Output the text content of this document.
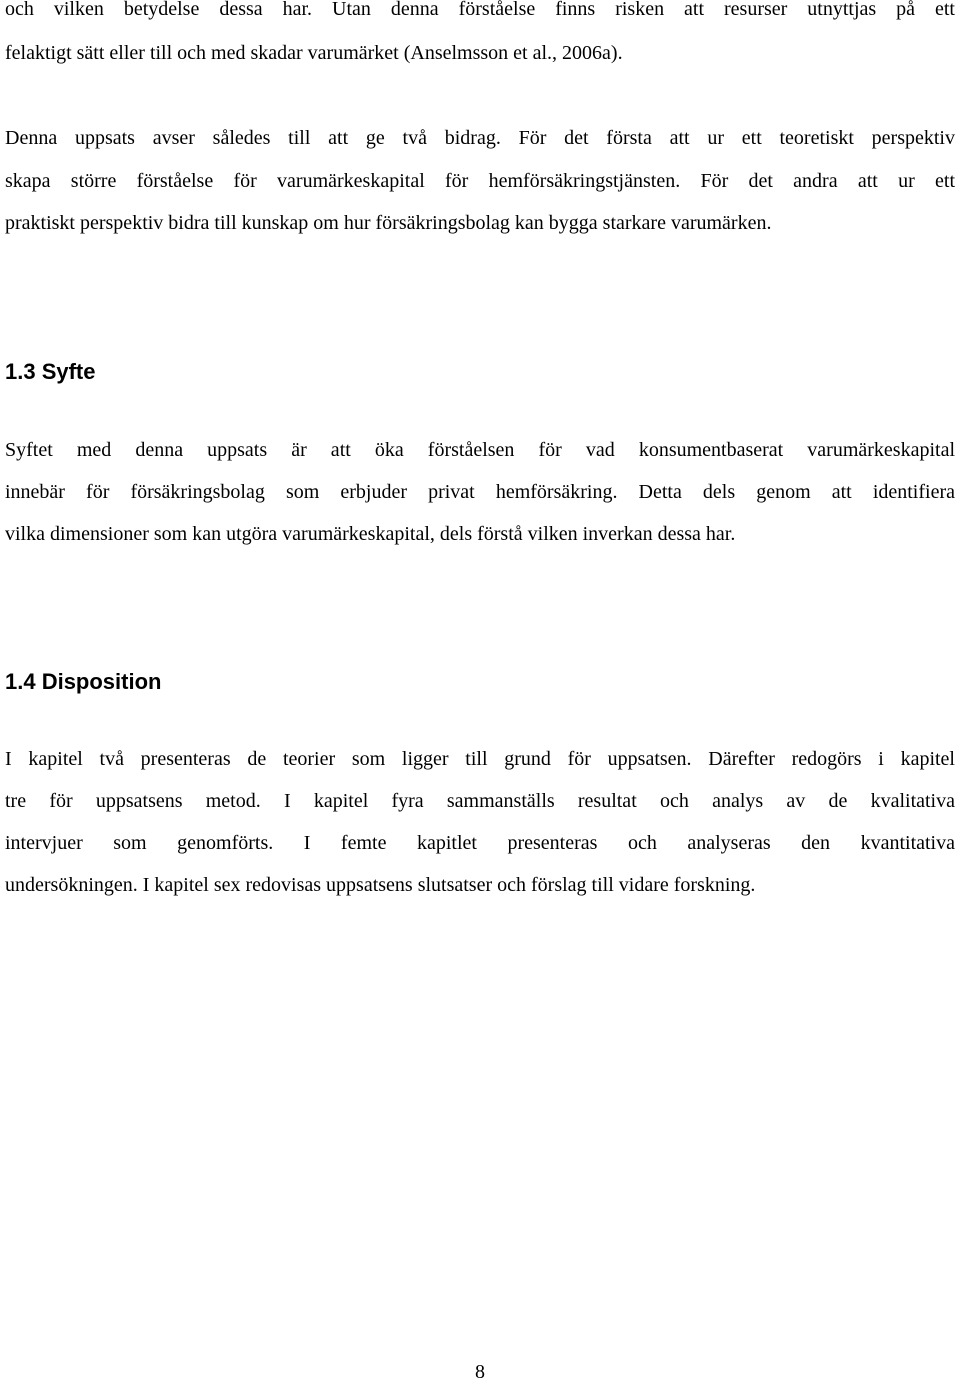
och vilken betydelse dessa har. Utan denna förståelse finns risken att resurser utnyttjas på ett
felaktigt sätt eller till och med skadar varumärket (Anselmsson et al., 2006a).
Denna uppsats avser således till att ge två bidrag. För det första att ur ett teoretiskt perspektiv
skapa större förståelse för varumärkeskapital för hemförsäkringstjänsten. För det andra att ur ett
praktiskt perspektiv bidra till kunskap om hur försäkringsbolag kan bygga starkare varumärken.
1.3 Syfte
Syftet med denna uppsats är att öka förståelsen för vad konsumentbaserat varumärkeskapital
innebär för försäkringsbolag som erbjuder privat hemförsäkring. Detta dels genom att identifiera
vilka dimensioner som kan utgöra varumärkeskapital, dels förstå vilken inverkan dessa har.
1.4 Disposition
I kapitel två presenteras de teorier som ligger till grund för uppsatsen. Därefter redogörs i kapitel
tre för uppsatsens metod. I kapitel fyra sammanställs resultat och analys av de kvalitativa
intervjuer som genomförts. I femte kapitlet presenteras och analyseras den kvantitativa
undersökningen. I kapitel sex redovisas uppsatsens slutsatser och förslag till vidare forskning.
8
